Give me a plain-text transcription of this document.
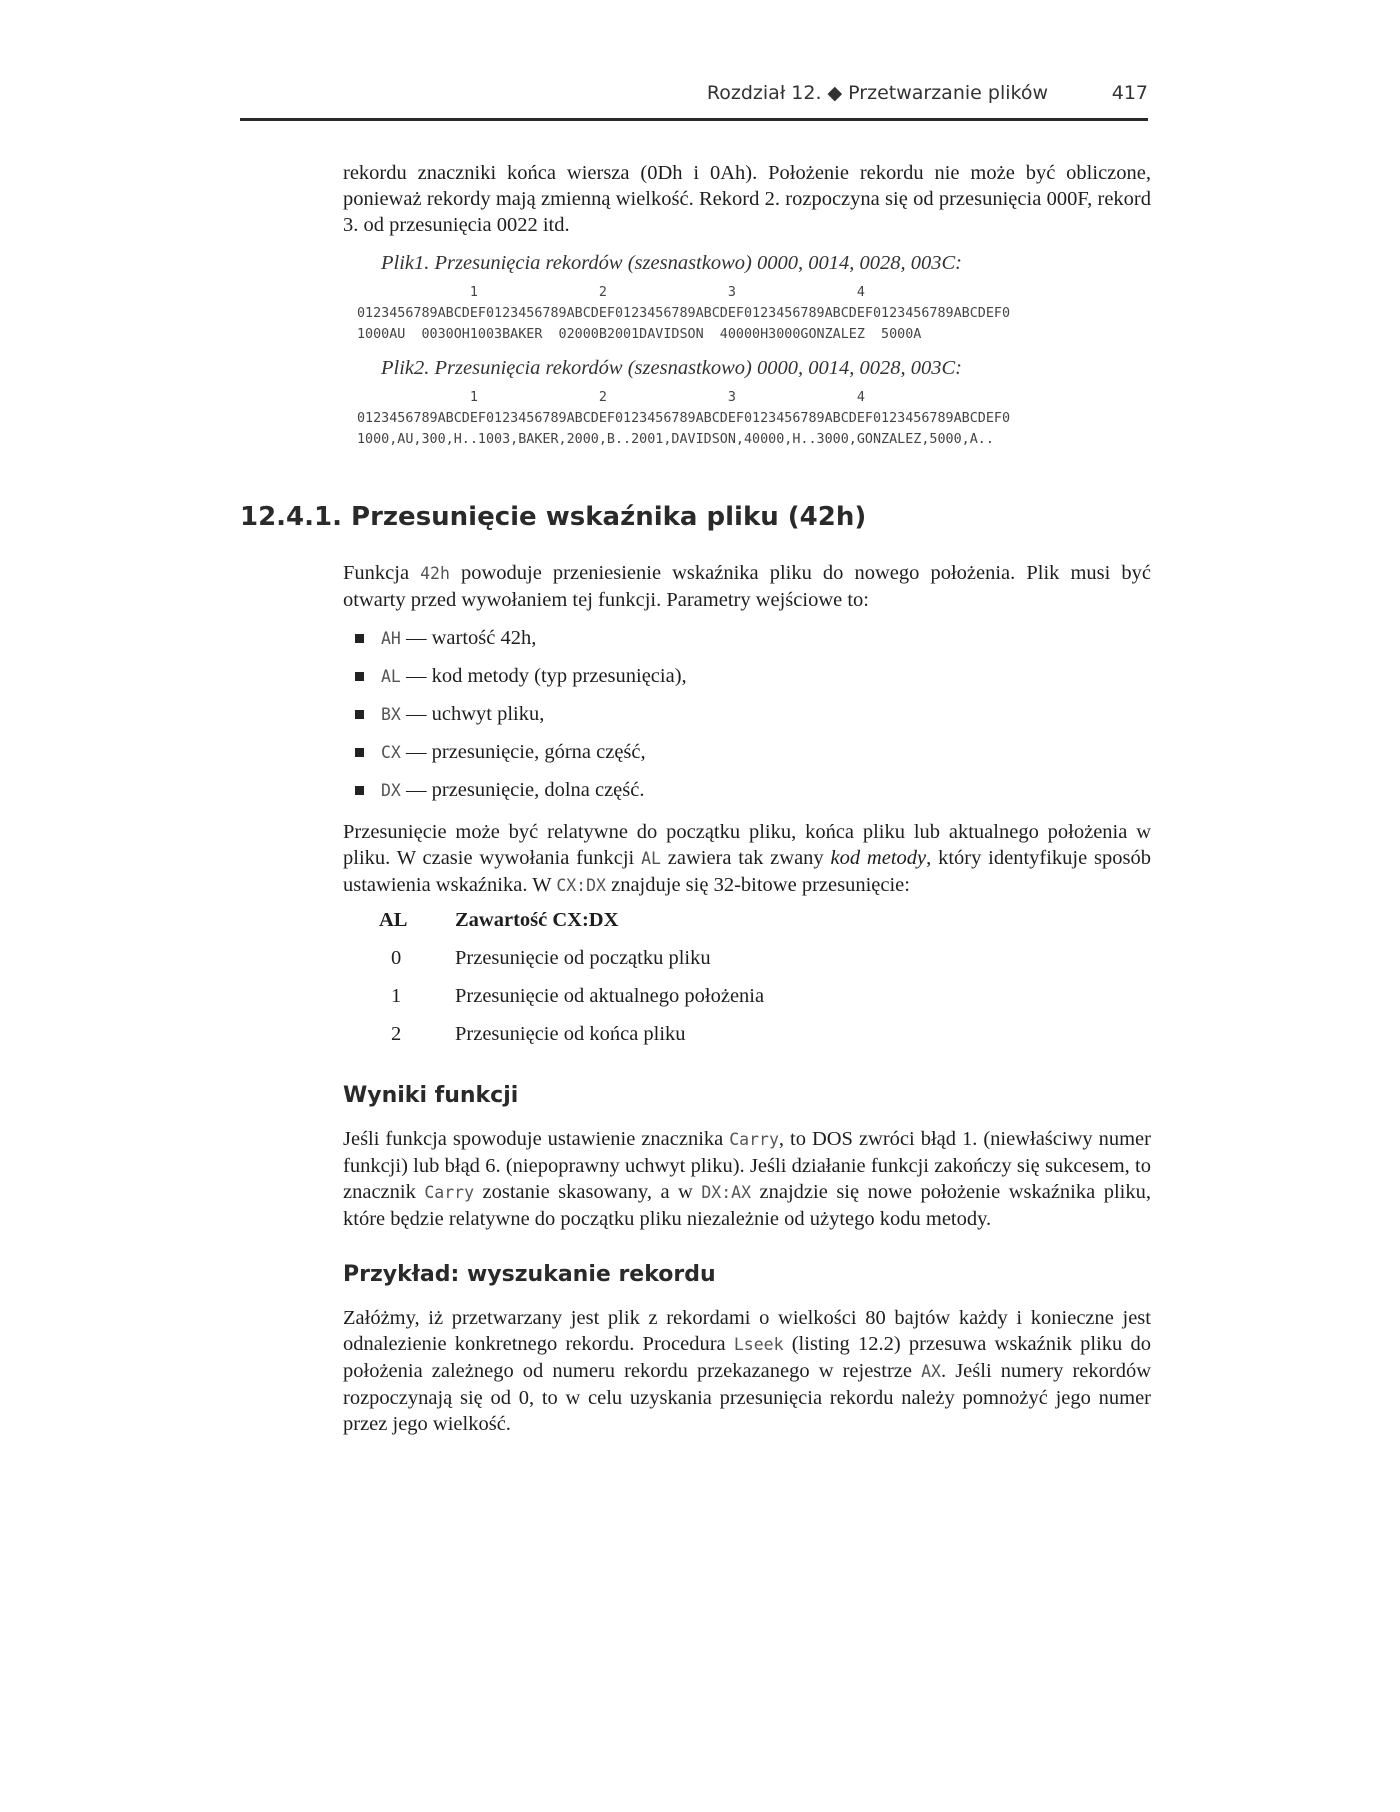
Rozdział 12. ◆ Przetwarzanie plików	417

rekordu znaczniki końca wiersza (0Dh i 0Ah). Położenie rekordu nie może być obliczone, ponieważ rekordy mają zmienną wielkość. Rekord 2. rozpoczyna się od przesunięcia 000F, rekord 3. od przesunięcia 0022 itd.

Plik1. Przesunięcia rekordów (szesnastkowo) 0000, 0014, 0028, 003C:

1               2               3               4
0123456789ABCDEF0123456789ABCDEF0123456789ABCDEF0123456789ABCDEF0123456789ABCDEF0
1000AU  0030OH1003BAKER  02000B2001DAVIDSON  40000H3000GONZALEZ  5000A

Plik2. Przesunięcia rekordów (szesnastkowo) 0000, 0014, 0028, 003C:

1               2               3               4
0123456789ABCDEF0123456789ABCDEF0123456789ABCDEF0123456789ABCDEF0123456789ABCDEF0
1000,AU,300,H..1003,BAKER,2000,B..2001,DAVIDSON,40000,H..3000,GONZALEZ,5000,A..
12.4.1. Przesunięcie wskaźnika pliku (42h)

Funkcja 42h powoduje przeniesienie wskaźnika pliku do nowego położenia. Plik musi być otwarty przed wywołaniem tej funkcji. Parametry wejściowe to:

AH — wartość 42h,
AL — kod metody (typ przesunięcia),
BX — uchwyt pliku,
CX — przesunięcie, górna część,
DX — przesunięcie, dolna część.

Przesunięcie może być relatywne do początku pliku, końca pliku lub aktualnego położenia w pliku. W czasie wywołania funkcji AL zawiera tak zwany kod metody, który identyfikuje sposób ustawienia wskaźnika. W CX:DX znajduje się 32-bitowe przesunięcie:

AL	Zawartość CX:DX
0	Przesunięcie od początku pliku
1	Przesunięcie od aktualnego położenia
2	Przesunięcie od końca pliku
Wyniki funkcji

Jeśli funkcja spowoduje ustawienie znacznika Carry, to DOS zwróci błąd 1. (niewłaściwy numer funkcji) lub błąd 6. (niepoprawny uchwyt pliku). Jeśli działanie funkcji zakończy się sukcesem, to znacznik Carry zostanie skasowany, a w DX:AX znajdzie się nowe położenie wskaźnika pliku, które będzie relatywne do początku pliku niezależnie od użytego kodu metody.

Przykład: wyszukanie rekordu

Załóżmy, iż przetwarzany jest plik z rekordami o wielkości 80 bajtów każdy i konieczne jest odnalezienie konkretnego rekordu. Procedura Lseek (listing 12.2) przesuwa wskaźnik pliku do położenia zależnego od numeru rekordu przekazanego w rejestrze AX. Jeśli numery rekordów rozpoczynają się od 0, to w celu uzyskania przesunięcia rekordu należy pomnożyć jego numer przez jego wielkość.
